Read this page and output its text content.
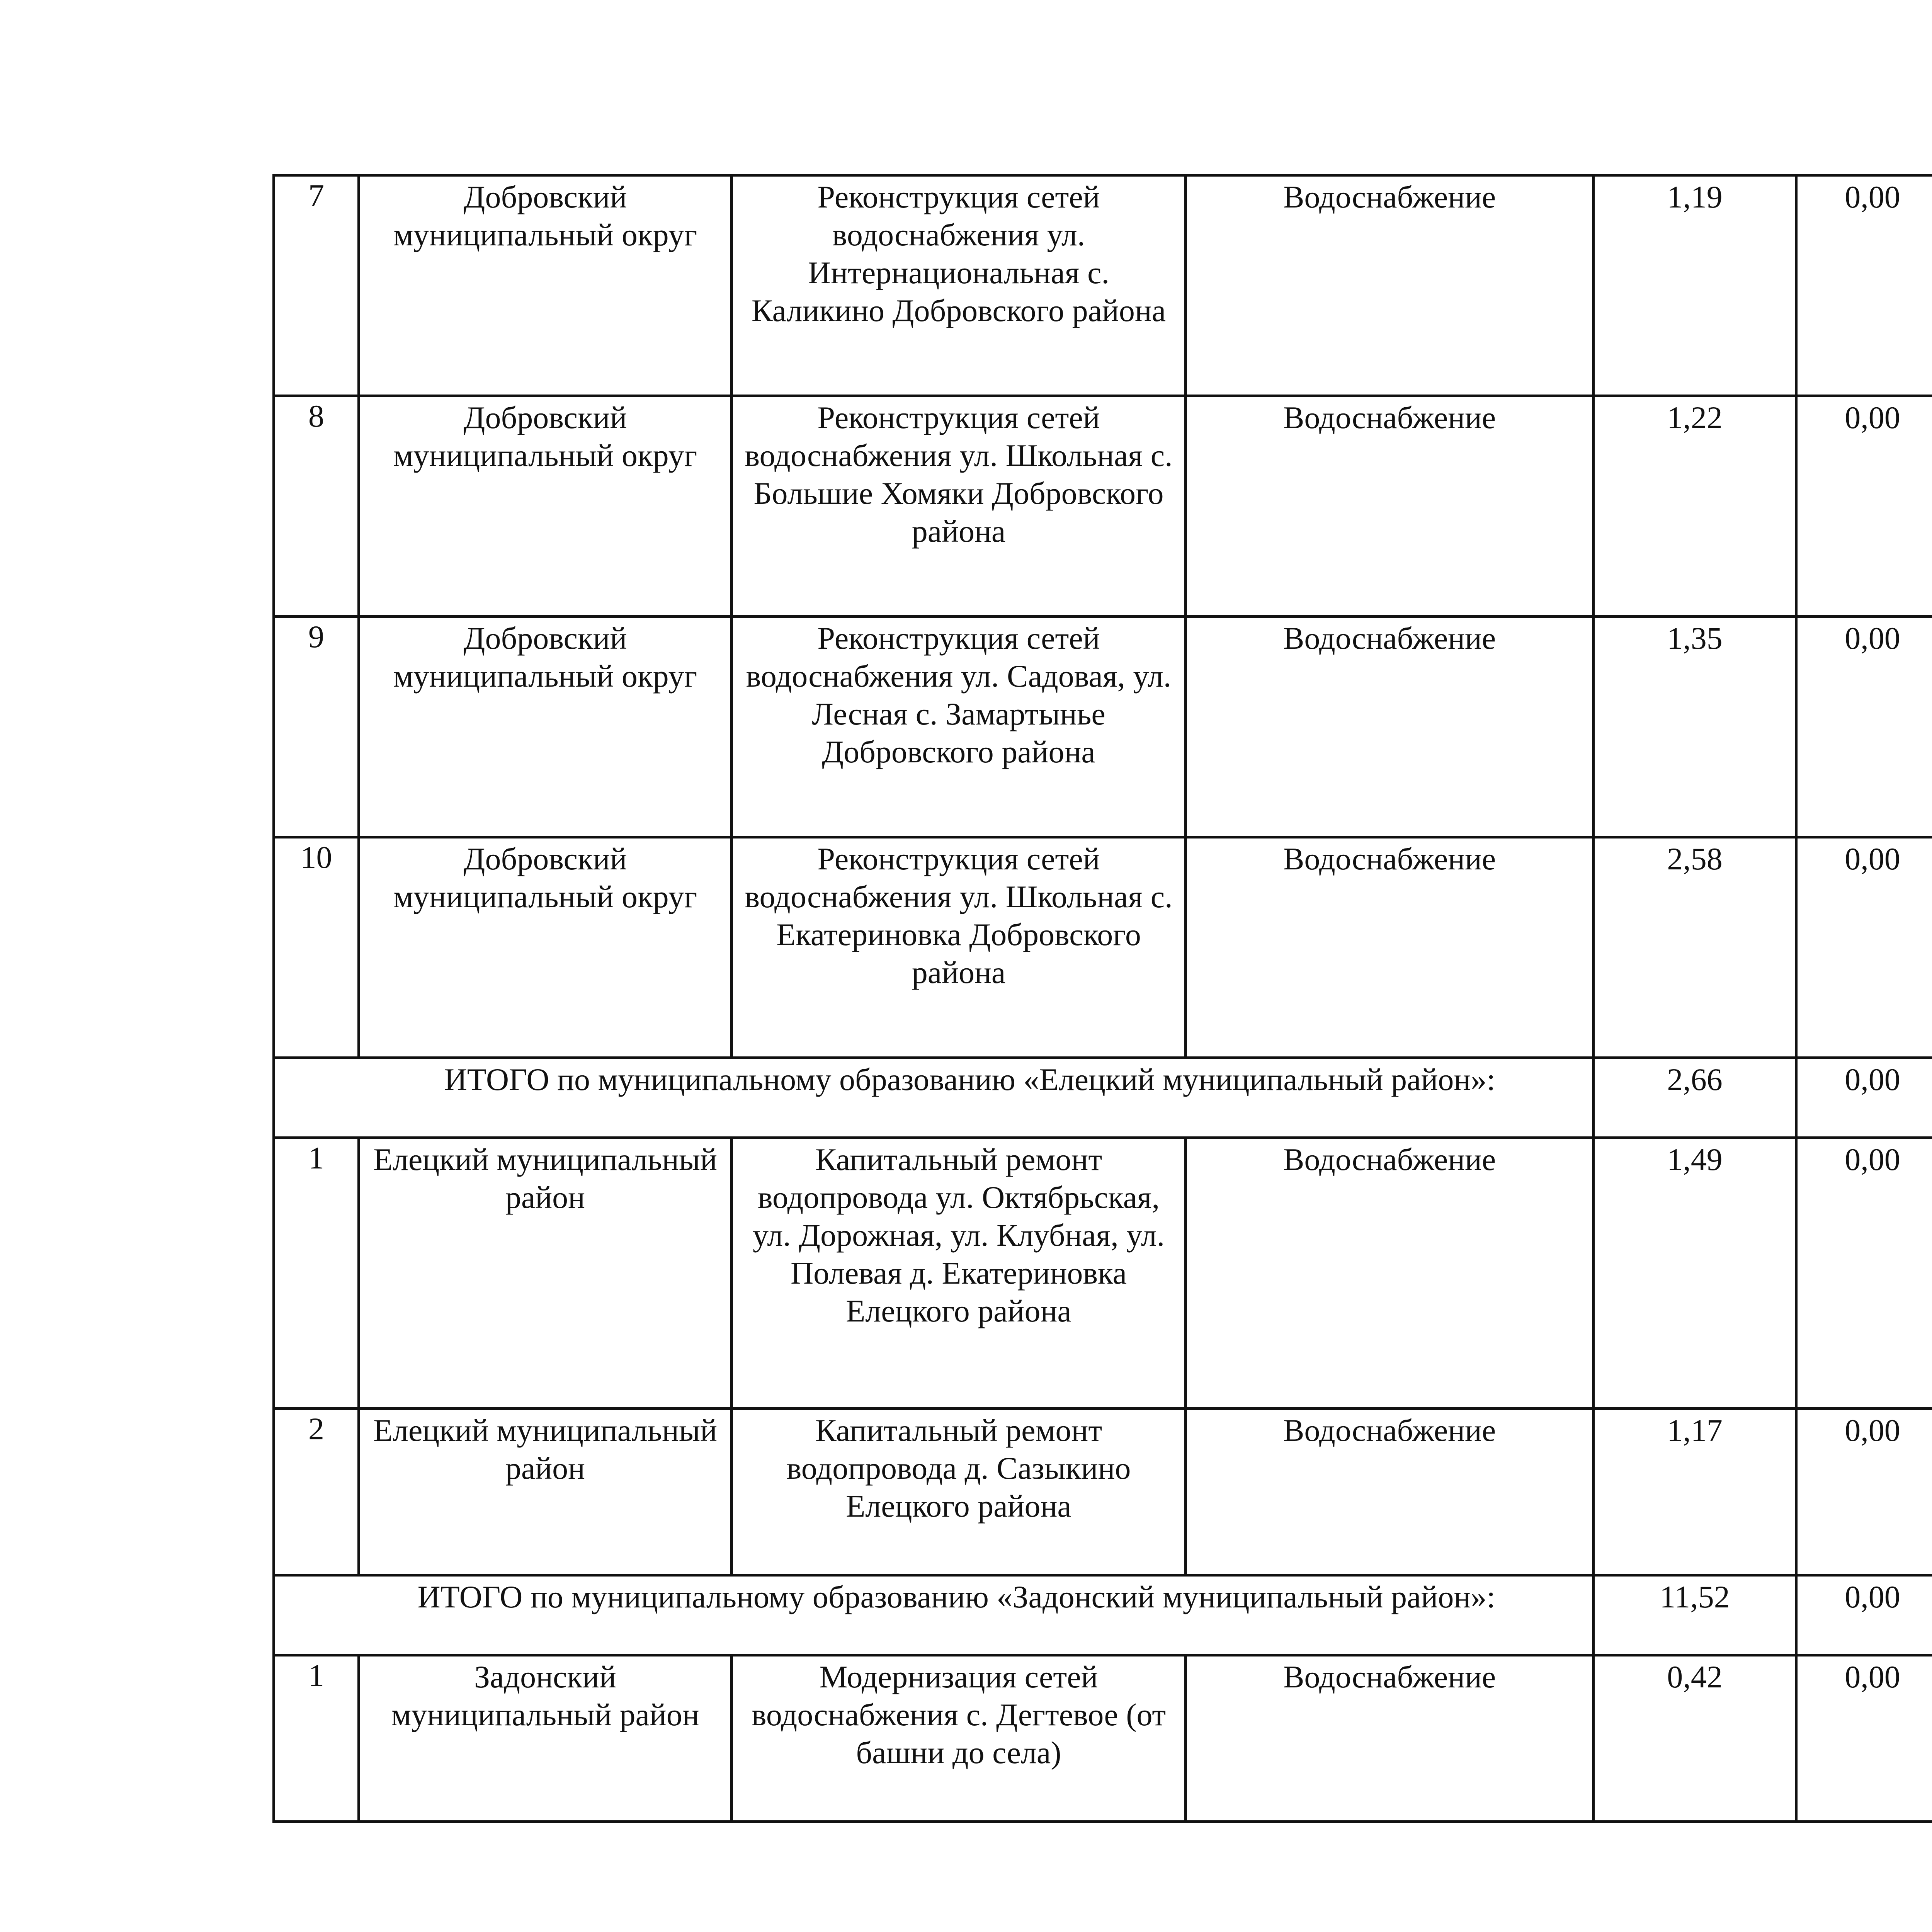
7	Добровский муниципальный округ	Реконструкция сетей водоснабжения ул. Интернациональная с. Каликино Добровского района	Водоснабжение	1,19	0,00				
8	Добровский муниципальный округ	Реконструкция сетей водоснабжения ул. Школьная с. Большие Хомяки Добровского района	Водоснабжение	1,22	0,00				
9	Добровский муниципальный округ	Реконструкция сетей водоснабжения ул. Садовая, ул. Лесная с. Замартынье Добровского района	Водоснабжение	1,35	0,00				
10	Добровский муниципальный округ	Реконструкция сетей водоснабжения ул. Школьная с. Екатериновка Добровского района	Водоснабжение	2,58	0,00				
ИТОГО по муниципальному образованию «Елецкий муниципальный район»:				2,66	0,00				
1	Елецкий муниципальный район	Капитальный ремонт водопровода ул. Октябрьская, ул. Дорожная, ул. Клубная, ул. Полевая д. Екатериновка Елецкого района	Водоснабжение	1,49	0,00				
2	Елецкий муниципальный район	Капитальный ремонт водопровода д. Сазыкино Елецкого района	Водоснабжение	1,17	0,00				
ИТОГО по муниципальному образованию «Задонский муниципальный район»:				11,52	0,00				
1	Задонский муниципальный район	Модернизация сетей водоснабжения с. Дегтевое (от башни до села)	Водоснабжение	0,42	0,00				
